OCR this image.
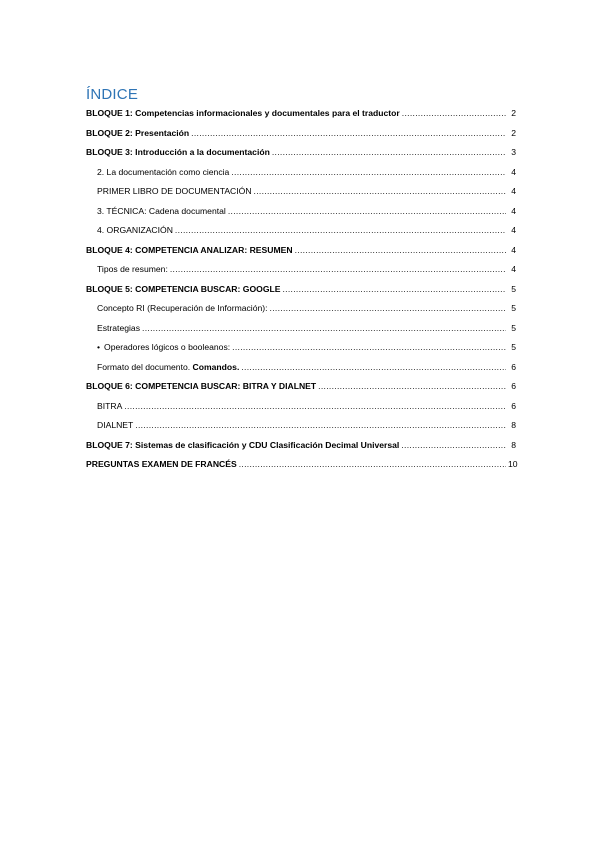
ÍNDICE
BLOQUE 1: Competencias informacionales y documentales para el traductor .....	2
BLOQUE 2: Presentación .....	2
BLOQUE 3: Introducción a la documentación .....	3
2. La documentación como ciencia .....	4
PRIMER LIBRO DE DOCUMENTACIÓN .....	4
3. TÉCNICA: Cadena documental .....	4
4. ORGANIZACIÓN .....	4
BLOQUE 4: COMPETENCIA ANALIZAR: RESUMEN .....	4
Tipos de resumen: .....	4
BLOQUE 5: COMPETENCIA BUSCAR: GOOGLE .....	5
Concepto RI (Recuperación de Información): .....	5
Estrategias .....	5
• Operadores lógicos o booleanos: .....	5
Formato del documento. Comandos. .....	6
BLOQUE 6: COMPETENCIA BUSCAR: BITRA Y DIALNET .....	6
BITRA .....	6
DIALNET .....	8
BLOQUE 7: Sistemas de clasificación y CDU Clasificación Decimal Universal .....	8
PREGUNTAS EXAMEN DE FRANCÉS .....	10
